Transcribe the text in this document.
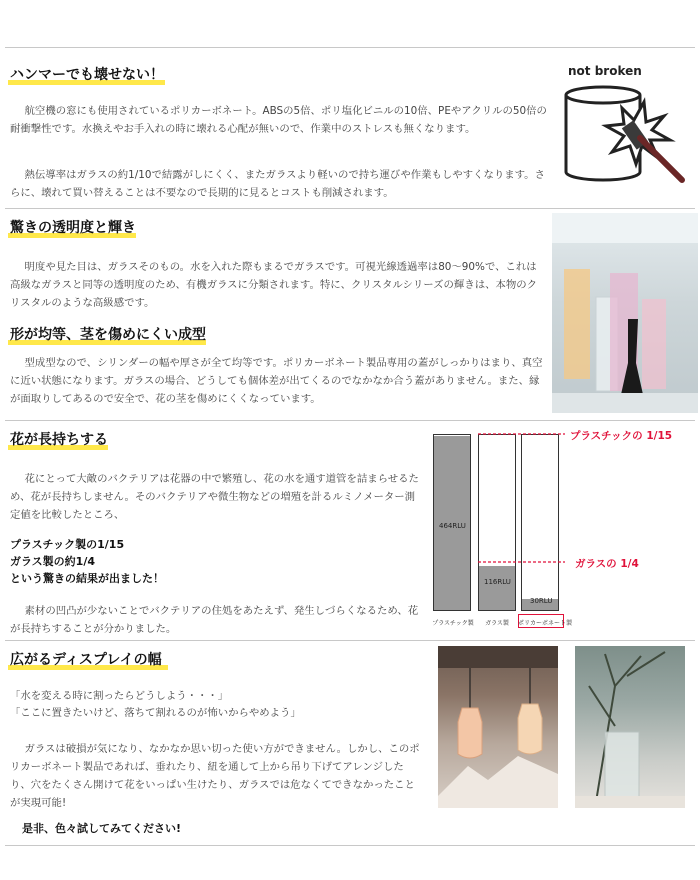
ハンマーでも壊せない！

航空機の窓にも使用されているポリカーボネート。ABSの5倍、ポリ塩化ビニルの10倍、PEやアクリルの50倍の耐衝撃性です。水換えやお手入れの時に壊れる心配が無いので、作業中のストレスも無くなります。

熱伝導率はガラスの約1/10で結露がしにくく、またガラスより軽いので持ち運びや作業もしやすくなります。さらに、壊れて買い替えることは不要なので長期的に見るとコストも削減されます。

not broken
驚きの透明度と輝き

明度や見た目は、ガラスそのもの。水を入れた際もまるでガラスです。可視光線透過率は80～90%で、これは高級なガラスと同等の透明度のため、有機ガラスに分類されます。特に、クリスタルシリーズの輝きは、本物のクリスタルのような高級感です。

形が均等、茎を傷めにくい成型

型成型なので、シリンダーの幅や厚さが全て均等です。ポリカーボネート製品専用の蓋がしっかりはまり、真空に近い状態になります。ガラスの場合、どうしても個体差が出てくるのでなかなか合う蓋がありません。また、縁が面取りしてあるので安全で、花の茎を傷めにくくなっています。

花が長持ちする

花にとって大敵のバクテリアは花器の中で繁殖し、花の水を通す道管を詰まらせるため、花が長持ちしません。そのバクテリアや微生物などの増殖を計るルミノメーター測定値を比較したところ、

プラスチック製の1/15
ガラス製の約1/4
という驚きの結果が出ました！

素材の凹凸が少ないことでバクテリアの住処をあたえず、発生しづらくなるため、花が長持ちすることが分かりました。

464RLU
116RLU
30RLU
プラスチック製	ガラス製	ポリカーボネート製
プラスチックの 1/15
ガラスの 1/4
広がるディスプレイの幅
「水を変える時に割ったらどうしよう・・・」
「ここに置きたいけど、落ちて割れるのが怖いからやめよう」

ガラスは破損が気になり、なかなか思い切った使い方ができません。しかし、このポリカーボネート製品であれば、垂れたり、紐を通して上から吊り下げてアレンジしたり、穴をたくさん開けて花をいっぱい生けたり、ガラスでは危なくてできなかったことが実現可能!

是非、色々試してみてください!
